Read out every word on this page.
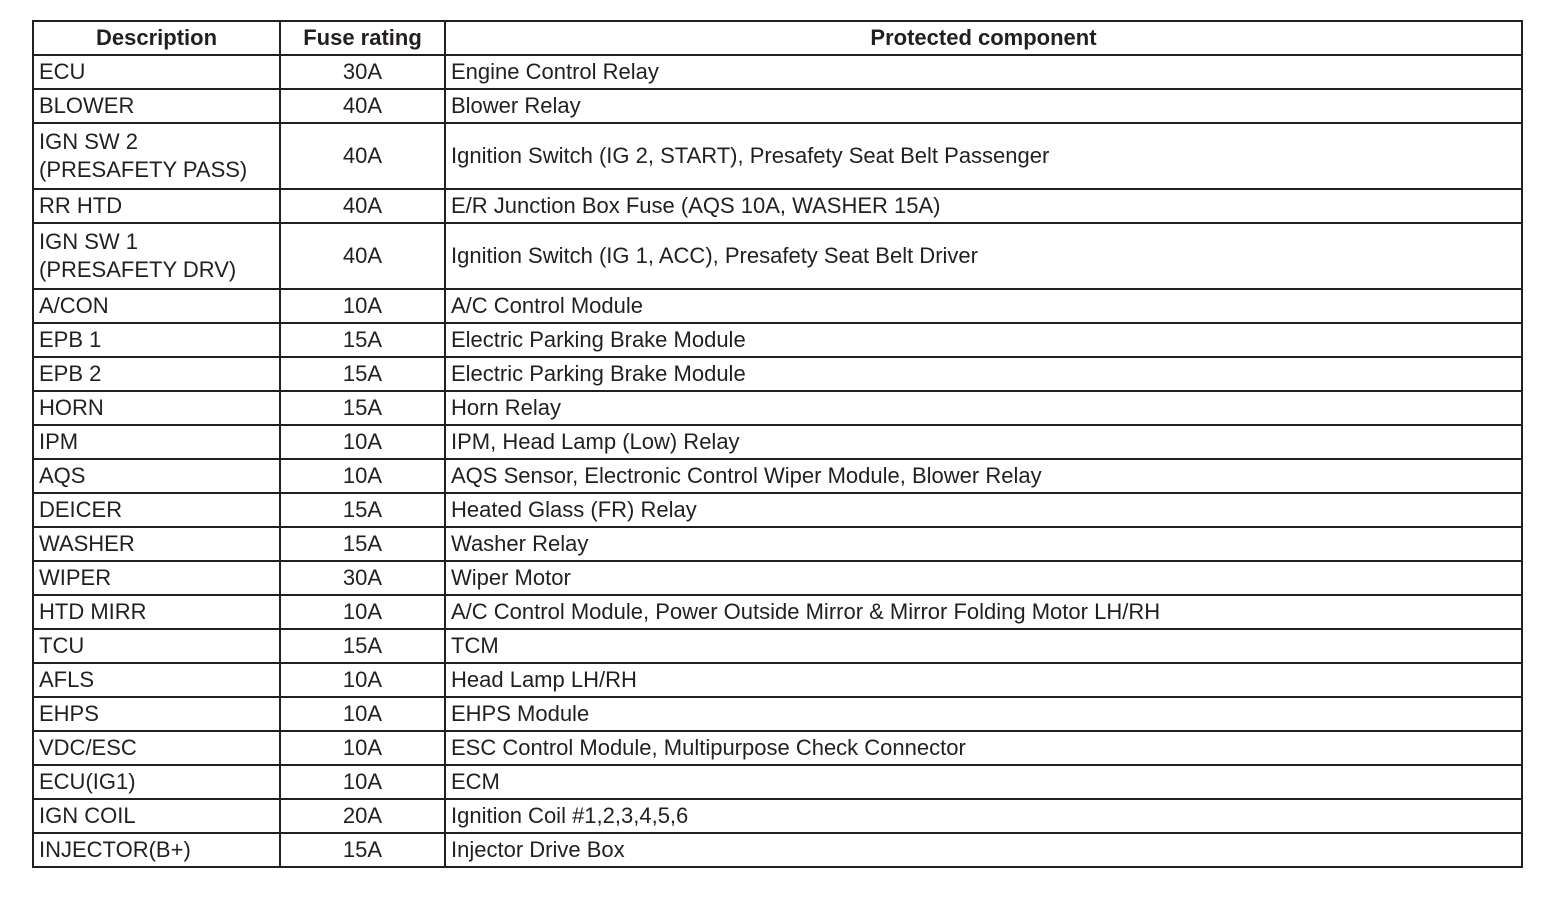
Description	Fuse rating	Protected component

ECU	30A	Engine Control Relay

BLOWER	40A	Blower Relay

IGN SW 2
(PRESAFETY PASS)	40A	Ignition Switch (IG 2, START), Presafety Seat Belt Passenger

RR HTD	40A	E/R Junction Box Fuse (AQS 10A, WASHER 15A)

IGN SW 1
(PRESAFETY DRV)	40A	Ignition Switch (IG 1, ACC), Presafety Seat Belt Driver

A/CON	10A	A/C Control Module

EPB 1	15A	Electric Parking Brake Module

EPB 2	15A	Electric Parking Brake Module

HORN	15A	Horn Relay

IPM	10A	IPM, Head Lamp (Low) Relay

AQS	10A	AQS Sensor, Electronic Control Wiper Module, Blower Relay

DEICER	15A	Heated Glass (FR) Relay

WASHER	15A	Washer Relay

WIPER	30A	Wiper Motor

HTD MIRR	10A	A/C Control Module, Power Outside Mirror & Mirror Folding Motor LH/RH

TCU	15A	TCM

AFLS	10A	Head Lamp LH/RH

EHPS	10A	EHPS Module

VDC/ESC	10A	ESC Control Module, Multipurpose Check Connector

ECU(IG1)	10A	ECM

IGN COIL	20A	Ignition Coil #1,2,3,4,5,6

INJECTOR(B+)	15A	Injector Drive Box
